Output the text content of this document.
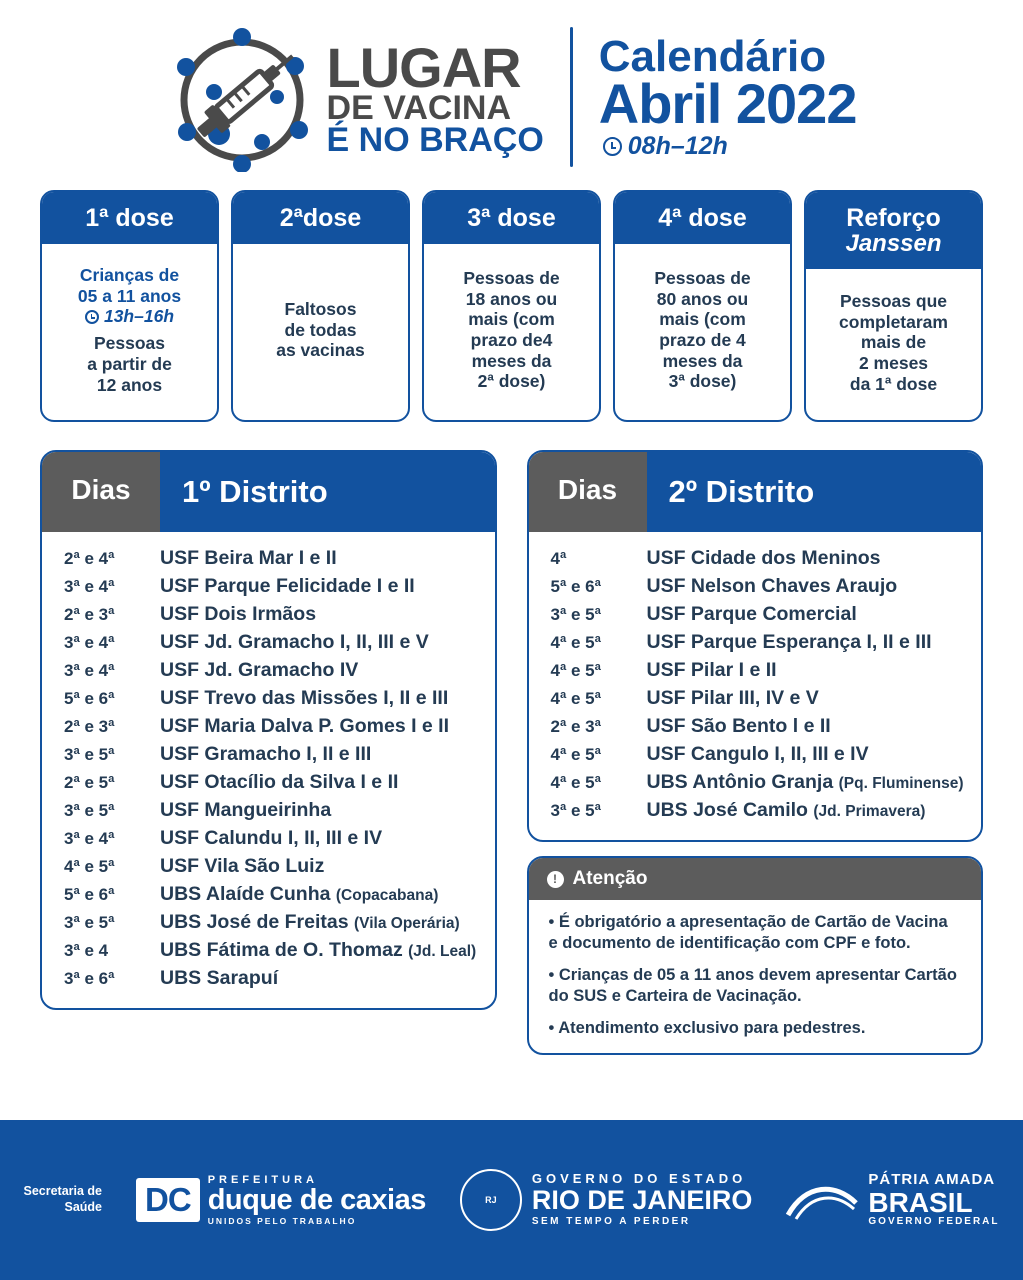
LUGAR
DE VACINA
É NO BRAÇO
Calendário
Abril 2022
08h–12h
1ª dose
Crianças de
05 a 11 anos
13h–16h
Pessoas
a partir de
12 anos
2ªdose
Faltosos
de todas
as vacinas
3ª dose
Pessoas de
18 anos ou
mais (com
prazo de4
meses da
2ª dose)
4ª dose
Pessoas de
80 anos ou
mais (com
prazo de 4
meses da
3ª dose)
Reforço
Janssen
Pessoas que
completaram
mais de
2 meses
da 1ª dose
Dias	1º Distrito
2ª e 4ª	USF Beira Mar I e II
3ª e 4ª	USF Parque Felicidade I e II
2ª e 3ª	USF Dois Irmãos
3ª e 4ª	USF Jd. Gramacho I, II, III e V
3ª e 4ª	USF Jd. Gramacho IV
5ª e 6ª	USF Trevo das Missões I, II e III
2ª e 3ª	USF Maria Dalva P. Gomes I e II
3ª e 5ª	USF Gramacho I, II e III
2ª e 5ª	USF Otacílio da Silva I e II
3ª e 5ª	USF Mangueirinha
3ª e 4ª	USF Calundu I, II, III e IV
4ª e 5ª	USF Vila São Luiz
5ª e 6ª	UBS Alaíde Cunha (Copacabana)
3ª e 5ª	UBS José de Freitas (Vila Operária)
3ª e 4	UBS Fátima de O. Thomaz (Jd. Leal)
3ª e 6ª	UBS Sarapuí
Dias	2º Distrito
4ª	USF Cidade dos Meninos
5ª e 6ª	USF Nelson Chaves Araujo
3ª e 5ª	USF Parque Comercial
4ª e 5ª	USF Parque Esperança I, II e III
4ª e 5ª	USF Pilar I e II
4ª e 5ª	USF Pilar III, IV e V
2ª e 3ª	USF São Bento l e II
4ª e 5ª	USF Cangulo I, II, III e IV
4ª e 5ª	UBS Antônio Granja (Pq. Fluminense)
3ª e 5ª	UBS José Camilo (Jd. Primavera)
! Atenção
• É obrigatório a apresentação de Cartão de Vacina e documento de identificação com CPF e foto.
• Crianças de 05 a 11 anos devem apresentar Cartão do SUS e Carteira de Vacinação.
• Atendimento exclusivo para pedestres.
Secretaria de
Saúde DC
PREFEITURA
duque de caxias
UNIDOS PELO TRABALHO
RJ
GOVERNO DO ESTADO
RIO DE JANEIRO
SEM TEMPO A PERDER
PÁTRIA AMADA
BRASIL
GOVERNO FEDERAL
